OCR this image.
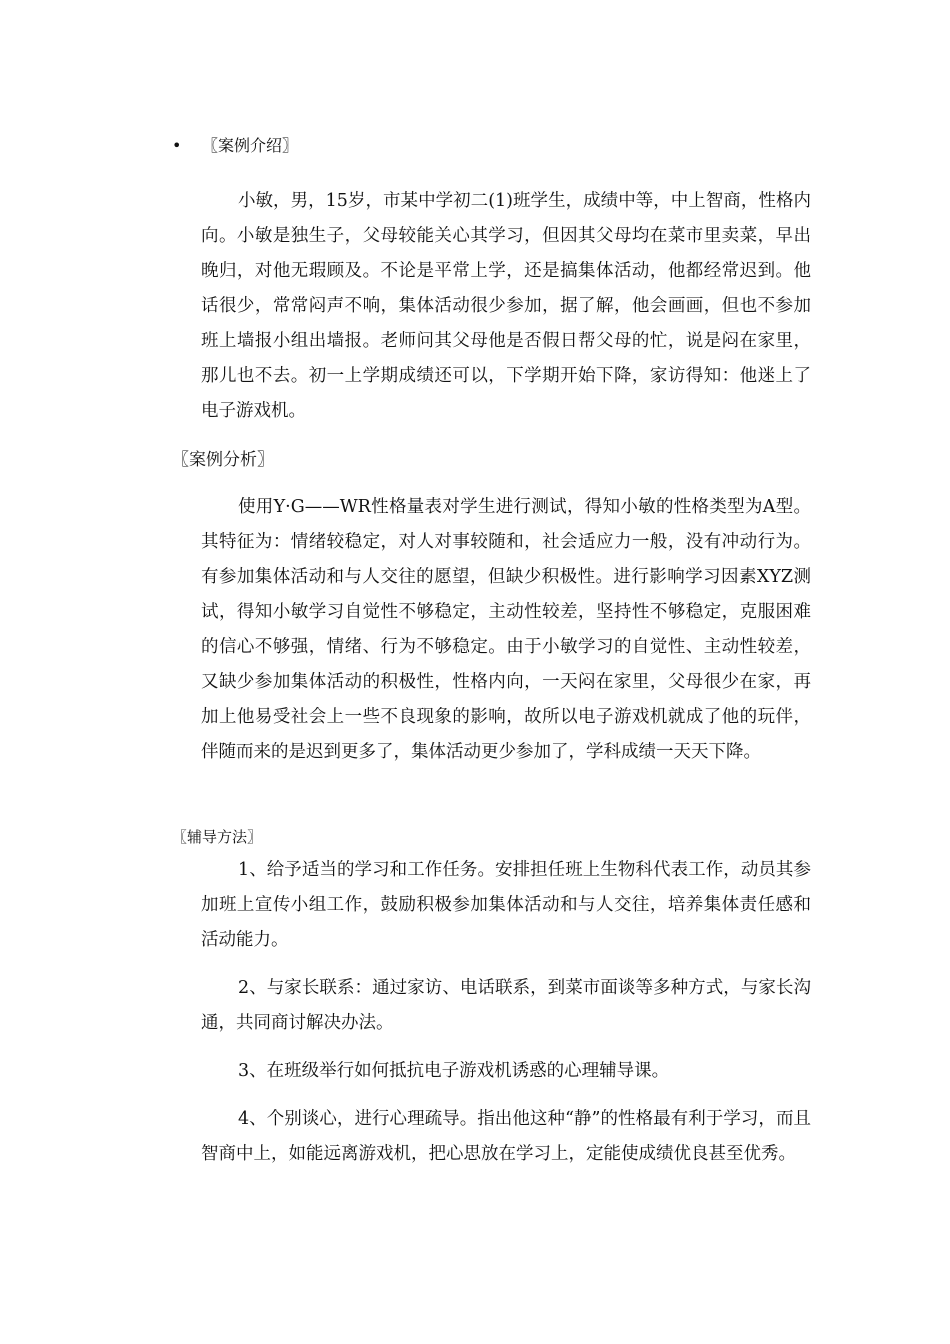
• 〖案例介绍〗

小敏，男，15岁，市某中学初二(1)班学生，成绩中等，中上智商，性格内向。小敏是独生子，父母较能关心其学习，但因其父母均在菜市里卖菜，早出晚归，对他无瑕顾及。不论是平常上学，还是搞集体活动，他都经常迟到。他话很少，常常闷声不响，集体活动很少参加，据了解，他会画画，但也不参加班上墙报小组出墙报。老师问其父母他是否假日帮父母的忙，说是闷在家里，那儿也不去。初一上学期成绩还可以，下学期开始下降，家访得知：他迷上了电子游戏机。

〖案例分析〗

使用Y·G——WR性格量表对学生进行测试，得知小敏的性格类型为A型。其特征为：情绪较稳定，对人对事较随和，社会适应力一般，没有冲动行为。有参加集体活动和与人交往的愿望，但缺少积极性。进行影响学习因素XYZ测试，得知小敏学习自觉性不够稳定，主动性较差，坚持性不够稳定，克服困难的信心不够强，情绪、行为不够稳定。由于小敏学习的自觉性、主动性较差，又缺少参加集体活动的积极性，性格内向，一天闷在家里，父母很少在家，再加上他易受社会上一些不良现象的影响，故所以电子游戏机就成了他的玩伴，伴随而来的是迟到更多了，集体活动更少参加了，学科成绩一天天下降。

〖辅导方法〗

1、给予适当的学习和工作任务。安排担任班上生物科代表工作，动员其参加班上宣传小组工作，鼓励积极参加集体活动和与人交往，培养集体责任感和活动能力。

2、与家长联系：通过家访、电话联系，到菜市面谈等多种方式，与家长沟通，共同商讨解决办法。

3、在班级举行如何抵抗电子游戏机诱惑的心理辅导课。

4、个别谈心，进行心理疏导。指出他这种“静”的性格最有利于学习，而且智商中上，如能远离游戏机，把心思放在学习上，定能使成绩优良甚至优秀。
